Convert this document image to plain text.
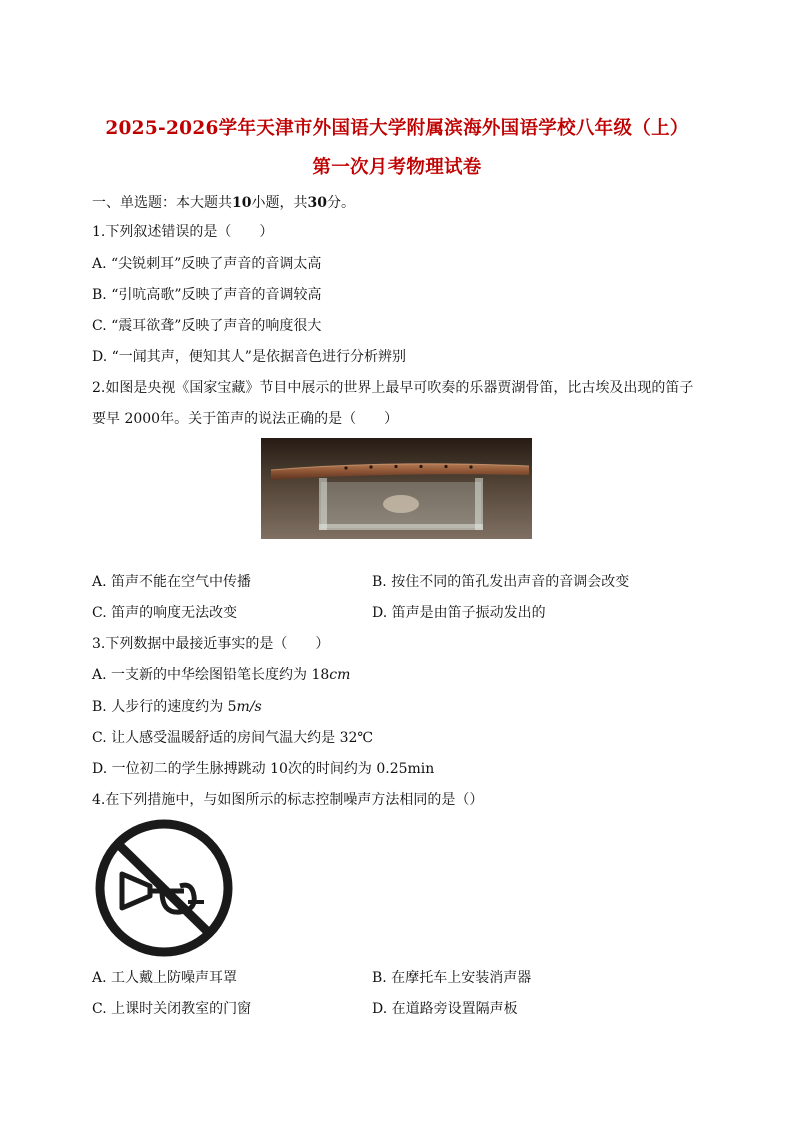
2025-2026学年天津市外国语大学附属滨海外国语学校八年级（上）
第一次月考物理试卷
一、单选题：本大题共10小题，共30分。
1.下列叙述错误的是（　　）
A. “尖锐刺耳”反映了声音的音调太高
B. “引吭高歌”反映了声音的音调较高
C. “震耳欲聋”反映了声音的响度很大
D. “一闻其声，便知其人”是依据音色进行分析辨别
2.如图是央视《国家宝藏》节目中展示的世界上最早可吹奏的乐器贾湖骨笛，比古埃及出现的笛子
要早 2000年。关于笛声的说法正确的是（　　）
A. 笛声不能在空气中传播	B. 按住不同的笛孔发出声音的音调会改变
C. 笛声的响度无法改变	D. 笛声是由笛子振动发出的
3.下列数据中最接近事实的是（　　）
A. 一支新的中华绘图铅笔长度约为 18cm
B. 人步行的速度约为 5m/s
C. 让人感受温暖舒适的房间气温大约是 32℃
D. 一位初二的学生脉搏跳动 10次的时间约为 0.25min
4.在下列措施中，与如图所示的标志控制噪声方法相同的是（）
A. 工人戴上防噪声耳罩	B. 在摩托车上安装消声器
C. 上课时关闭教室的门窗	D. 在道路旁设置隔声板
